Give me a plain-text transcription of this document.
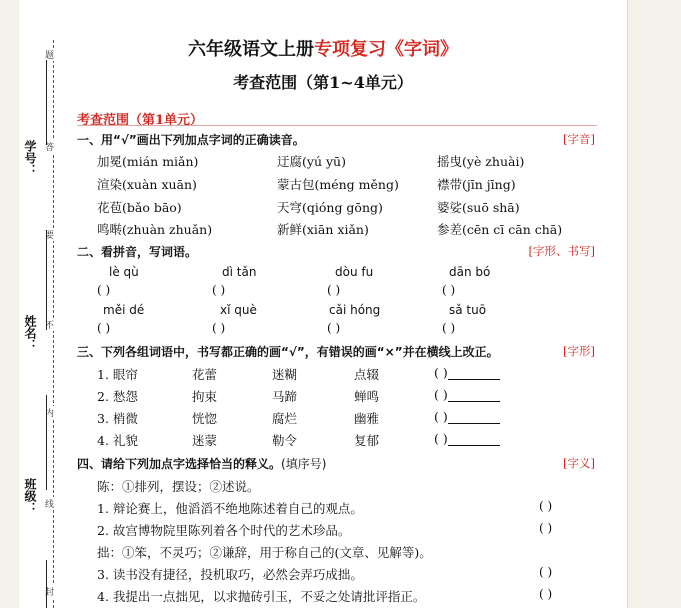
题
答
要
不
内
线
封
学号：
姓名：
班级：
六年级语文上册专项复习《字词》
考查范围（第1~4单元）
考查范围（第1单元）
一、用“√”画出下列加点字词的正确读音。	[字音]
加冕(mián miǎn)	迂腐(yú yū)	摇曳(yè zhuài)
渲染(xuàn xuān)	蒙古包(méng měng)	襟带(jīn jīng)
花苞(bǎo bāo)	天穹(qióng gōng)	婆娑(suō shā)
鸣啭(zhuàn zhuǎn)	新鲜(xiān xiǎn)	参差(cēn cī cān chā)
二、看拼音，写词语。	[字形、书写]
lè qù	dì tǎn	dòu fu	dān bó
( )	( )	( )	( )
měi dé	xǐ què	cǎi hóng	sǎ tuō
( )	( )	( )	( )
三、下列各组词语中，书写都正确的画“√”，有错误的画“×”并在横线上改正。	[字形]
1. 眼帘	花蕾	迷糊	点辍	( )
2. 愁怨	拘束	马蹄	蝉鸣	( )
3. 梢微	恍惚	腐烂	幽雅	( )
4. 礼貌	迷蒙	勒令	复郁	( )
四、请给下列加点字选择恰当的释义。(填序号)	[字义]
陈：①排列，摆设；②述说。
1. 辩论赛上，他滔滔不绝地陈述着自己的观点。	( )
2. 故宫博物院里陈列着各个时代的艺术珍品。	( )
拙：①笨，不灵巧；②谦辞，用于称自己的(文章、见解等)。
3. 读书没有捷径，投机取巧，必然会弄巧成拙。	( )
4. 我提出一点拙见，以求抛砖引玉，不妥之处请批评指正。	( )
